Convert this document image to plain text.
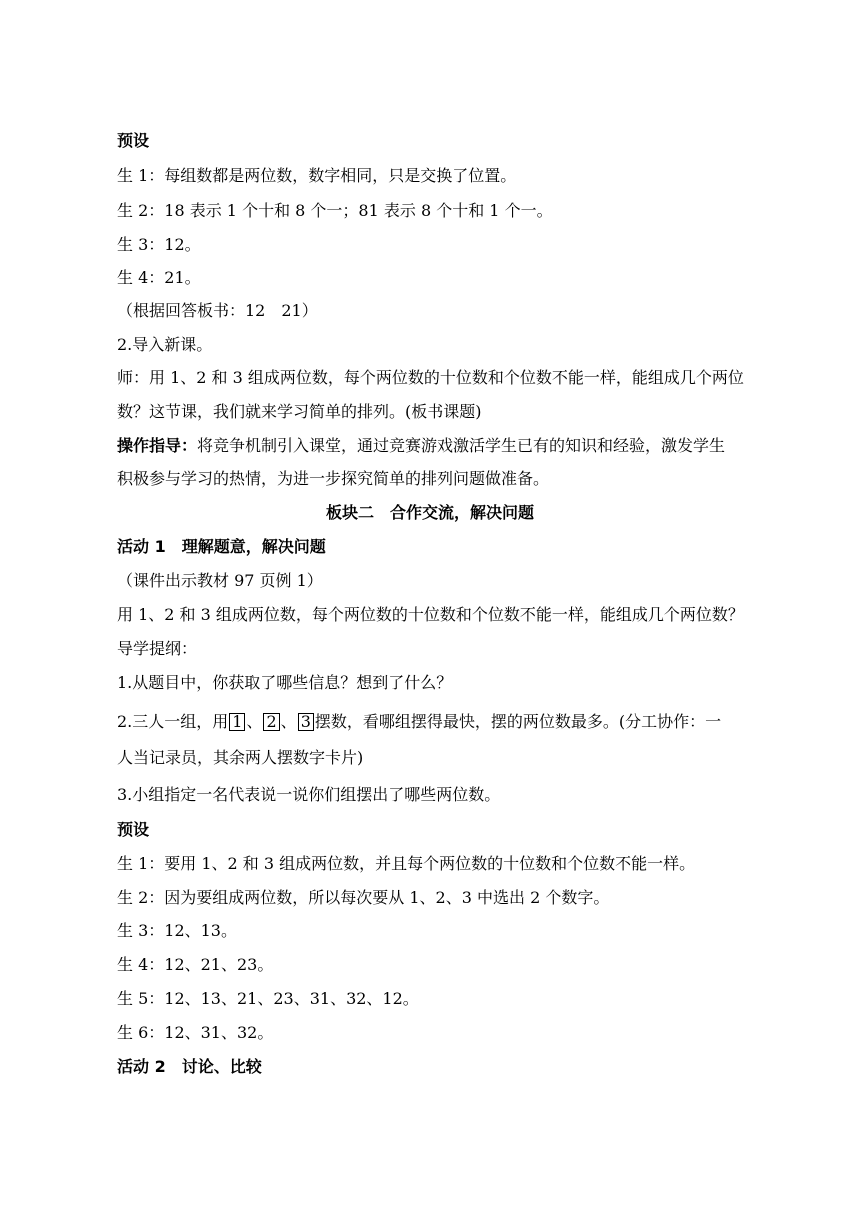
预设
生 1：每组数都是两位数，数字相同，只是交换了位置。
生 2：18 表示 1 个十和 8 个一；81 表示 8 个十和 1 个一。
生 3：12。
生 4：21。
（根据回答板书：12　21）
2.导入新课。
师：用 1、2 和 3 组成两位数，每个两位数的十位数和个位数不能一样，能组成几个两位
数？这节课，我们就来学习简单的排列。(板书课题)
操作指导：将竞争机制引入课堂，通过竞赛游戏激活学生已有的知识和经验，激发学生
积极参与学习的热情，为进一步探究简单的排列问题做准备。
板块二　合作交流，解决问题
活动 1　理解题意，解决问题
（课件出示教材 97 页例 1）
用 1、2 和 3 组成两位数，每个两位数的十位数和个位数不能一样，能组成几个两位数？
导学提纲：
1.从题目中，你获取了哪些信息？想到了什么？
2.三人一组，用 1 、 2 、 3 摆数，看哪组摆得最快，摆的两位数最多。(分工协作：一
人当记录员，其余两人摆数字卡片)
3.小组指定一名代表说一说你们组摆出了哪些两位数。
预设
生 1：要用 1、2 和 3 组成两位数，并且每个两位数的十位数和个位数不能一样。
生 2：因为要组成两位数，所以每次要从 1、2、3 中选出 2 个数字。
生 3：12、13。
生 4：12、21、23。
生 5：12、13、21、23、31、32、12。
生 6：12、31、32。
活动 2　讨论、比较
